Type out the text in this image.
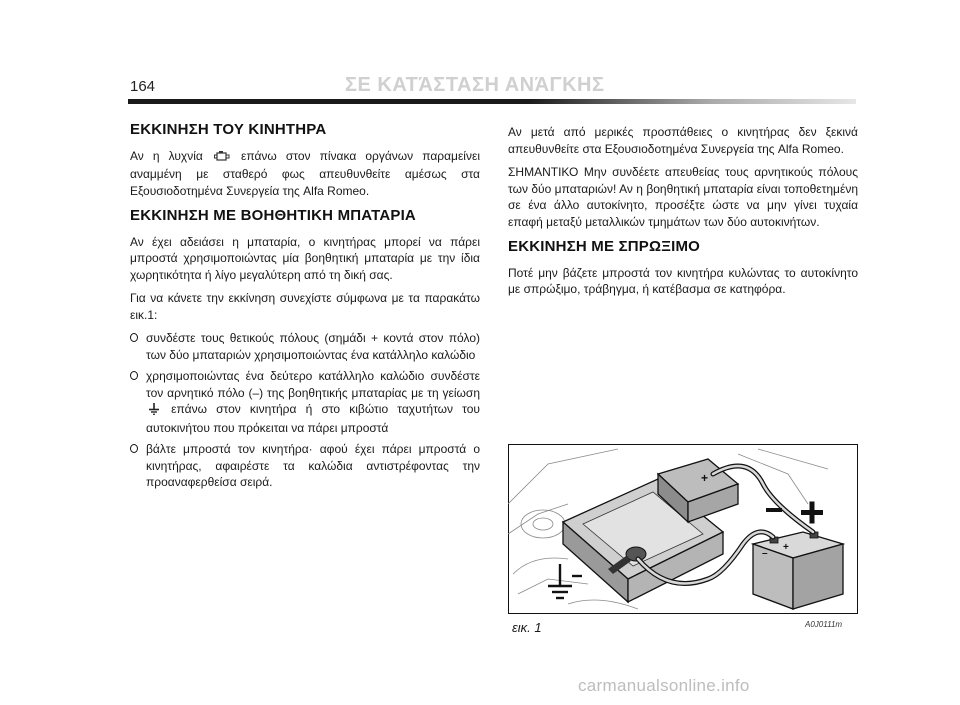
164	ΣΕ ΚΑΤΆΣΤΑΣΗ ΑΝΆΓΚΗΣ
ΕΚΚΙΝΗΣΗ ΤΟΥ ΚΙΝΗΤΗΡΑ

Αν η λυχνία	επάνω στον πίνακα οργάνων παραμείνει αναμμένη με σταθερό φως απευθυνθείτε αμέσως στα Εξουσιοδοτημένα Συνεργεία της Alfa Romeo.

ΕΚΚΙΝΗΣΗ ΜΕ ΒΟΗΘΗΤΙΚΗ ΜΠΑΤΑΡΙΑ

Αν έχει αδειάσει η μπαταρία, ο κινητήρας μπορεί να πάρει μπροστά χρησιμοποιώντας μία βοηθητική μπαταρία με την ίδια χωρητικότητα ή λίγο μεγαλύτερη από τη δική σας.

Για να κάνετε την εκκίνηση συνεχίστε σύμφωνα με τα παρακάτω εικ.1:

συνδέστε τους θετικούς πόλους (σημάδι + κοντά στον πόλο) των δύο μπαταριών χρησιμοποιώντας ένα κατάλληλο καλώδιο
χρησιμοποιώντας ένα δεύτερο κατάλληλο καλώδιο συνδέστε τον αρνητικό πόλο (–) της βοηθητικής μπαταρίας με τη γείωση  επάνω στον κινητήρα ή στο κιβώτιο ταχυτήτων του αυτοκινήτου που πρόκειται να πάρει μπροστά
βάλτε μπροστά τον κινητήρα· αφού έχει πάρει μπροστά ο κινητήρας, αφαιρέστε τα καλώδια αντιστρέφοντας την προαναφερθείσα σειρά.

Αν μετά από μερικές προσπάθειες ο κινητήρας δεν ξεκινά απευθυνθείτε στα Εξουσιοδοτημένα Συνεργεία της Alfa Romeo.

ΣΗΜΑΝΤΙΚΟ Μην συνδέετε απευθείας τους αρνητικούς πόλους των δύο μπαταριών! Αν η βοηθητική μπαταρία είναι τοποθετημένη σε ένα άλλο αυτοκίνητο, προσέξτε ώστε να μην γίνει τυχαία επαφή μεταξύ μεταλλικών τμημάτων των δύο αυτοκινήτων.

ΕΚΚΙΝΗΣΗ ΜΕ ΣΠΡΩΞΙΜΟ

Ποτέ μην βάζετε μπροστά τον κινητήρα κυλώντας το αυτοκίνητο με σπρώξιμο, τράβηγμα, ή κατέβασμα σε κατηφόρα.

+
–
+
εικ. 1	A0J0111m
carmanualsonline.info
